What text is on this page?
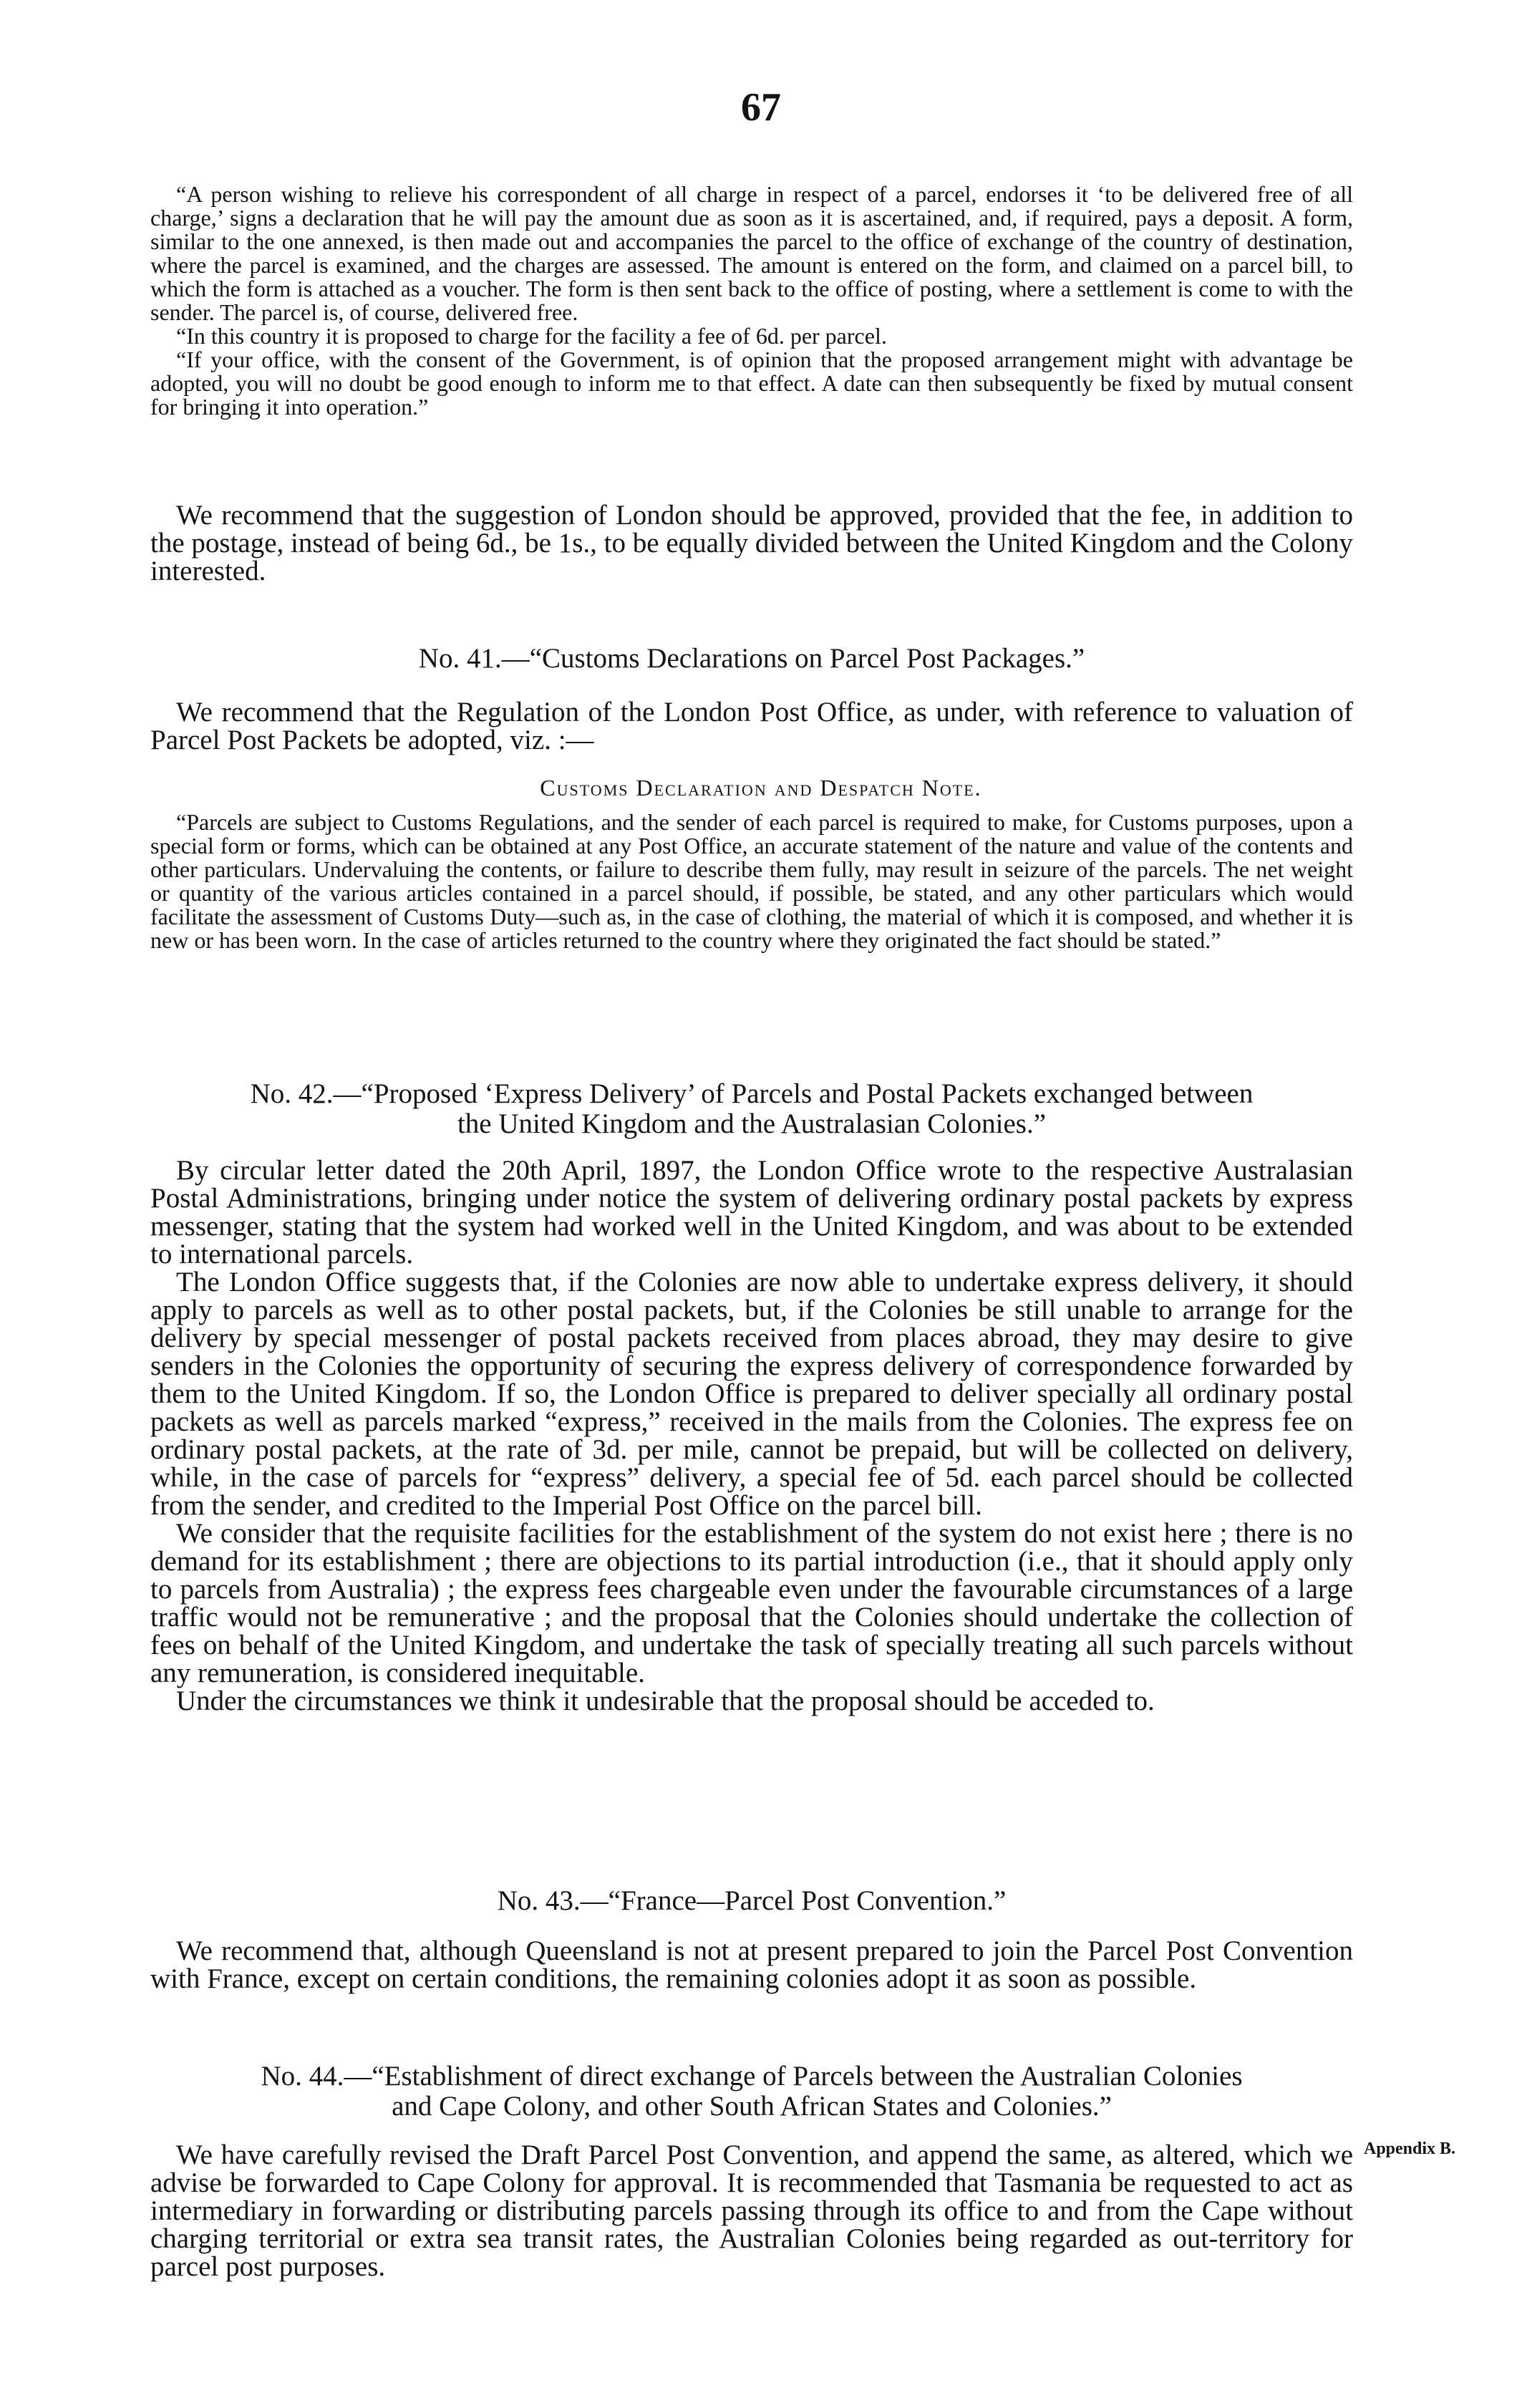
67

“A person wishing to relieve his correspondent of all charge in respect of a parcel, endorses it ‘to be delivered free of all charge,’ signs a declaration that he will pay the amount due as soon as it is ascertained, and, if required, pays a deposit. A form, similar to the one annexed, is then made out and accompanies the parcel to the office of exchange of the country of destination, where the parcel is examined, and the charges are assessed. The amount is entered on the form, and claimed on a parcel bill, to which the form is attached as a voucher. The form is then sent back to the office of posting, where a settlement is come to with the sender. The parcel is, of course, delivered free.

“In this country it is proposed to charge for the facility a fee of 6d. per parcel.

“If your office, with the consent of the Government, is of opinion that the proposed arrangement might with advantage be adopted, you will no doubt be good enough to inform me to that effect. A date can then subsequently be fixed by mutual consent for bringing it into operation.”

We recommend that the suggestion of London should be approved, provided that the fee, in addition to the postage, instead of being 6d., be 1s., to be equally divided between the United Kingdom and the Colony interested.

No. 41.—“Customs Declarations on Parcel Post Packages.”

We recommend that the Regulation of the London Post Office, as under, with reference to valuation of Parcel Post Packets be adopted, viz. :—

Customs Declaration and Despatch Note.

“Parcels are subject to Customs Regulations, and the sender of each parcel is required to make, for Customs purposes, upon a special form or forms, which can be obtained at any Post Office, an accurate statement of the nature and value of the contents and other particulars. Undervaluing the contents, or failure to describe them fully, may result in seizure of the parcels. The net weight or quantity of the various articles contained in a parcel should, if possible, be stated, and any other particulars which would facilitate the assessment of Customs Duty—such as, in the case of clothing, the material of which it is composed, and whether it is new or has been worn. In the case of articles returned to the country where they originated the fact should be stated.”

No. 42.—“Proposed ‘Express Delivery’ of Parcels and Postal Packets exchanged between
the United Kingdom and the Australasian Colonies.”

By circular letter dated the 20th April, 1897, the London Office wrote to the respective Australasian Postal Administrations, bringing under notice the system of delivering ordinary postal packets by express messenger, stating that the system had worked well in the United Kingdom, and was about to be extended to international parcels.

The London Office suggests that, if the Colonies are now able to undertake express delivery, it should apply to parcels as well as to other postal packets, but, if the Colonies be still unable to arrange for the delivery by special messenger of postal packets received from places abroad, they may desire to give senders in the Colonies the opportunity of securing the express delivery of correspondence forwarded by them to the United Kingdom. If so, the London Office is prepared to deliver specially all ordinary postal packets as well as parcels marked “express,” received in the mails from the Colonies. The express fee on ordinary postal packets, at the rate of 3d. per mile, cannot be prepaid, but will be collected on delivery, while, in the case of parcels for “express” delivery, a special fee of 5d. each parcel should be collected from the sender, and credited to the Imperial Post Office on the parcel bill.

We consider that the requisite facilities for the establishment of the system do not exist here ; there is no demand for its establishment ; there are objections to its partial introduction (i.e., that it should apply only to parcels from Australia) ; the express fees chargeable even under the favourable circumstances of a large traffic would not be remunerative ; and the proposal that the Colonies should undertake the collection of fees on behalf of the United Kingdom, and undertake the task of specially treating all such parcels without any remuneration, is considered inequitable.

Under the circumstances we think it undesirable that the proposal should be acceded to.

No. 43.—“France—Parcel Post Convention.”

We recommend that, although Queensland is not at present prepared to join the Parcel Post Convention with France, except on certain conditions, the remaining colonies adopt it as soon as possible.

No. 44.—“Establishment of direct exchange of Parcels between the Australian Colonies
and Cape Colony, and other South African States and Colonies.”

We have carefully revised the Draft Parcel Post Convention, and append the same, as altered, which we advise be forwarded to Cape Colony for approval. It is recommended that Tasmania be requested to act as intermediary in forwarding or distributing parcels passing through its office to and from the Cape without charging territorial or extra sea transit rates, the Australian Colonies being regarded as out-territory for parcel post purposes.

Appendix B.
